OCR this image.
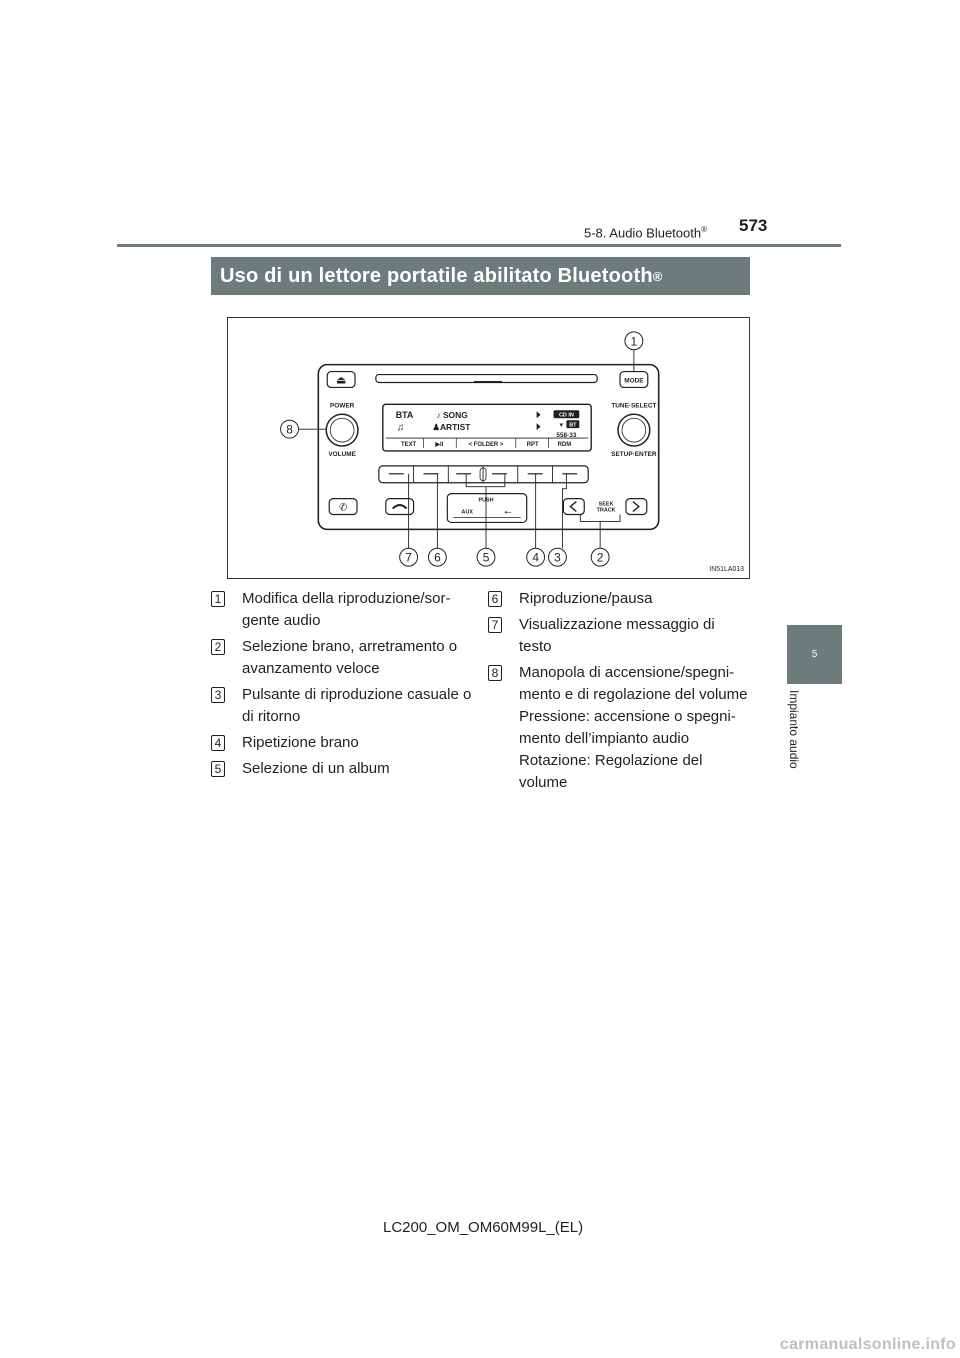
5-8. Audio Bluetooth® 573
5
Impianto audio
Uso di un lettore portatile abilitato Bluetooth ®
⏏	MODE
POWER
VOLUME
TUNE·SELECT
SETUP·ENTER
BTA	♪ SONG
♫	♟ARTIST
CD IN
▾ BT
558·33
TEXT	▶II	< FOLDER >	RPT	RDM
✆
PUSH
AUX	⭠
SEEK
TRACK
1
2
3
4
5
6
7
8
IN51LA013
1 Modifica della riproduzione/sor-
gente audio
2 Selezione brano, arretramento o
avanzamento veloce
3 Pulsante di riproduzione casuale o
di ritorno
4 Ripetizione brano
5 Selezione di un album
6 Riproduzione/pausa
7 Visualizzazione messaggio di
testo
8 Manopola di accensione/spegni-
mento e di regolazione del volume
Pressione: accensione o spegni-
mento dell’impianto audio
Rotazione: Regolazione del
volume
LC200_OM_OM60M99L_(EL)
carmanualsonline.info
